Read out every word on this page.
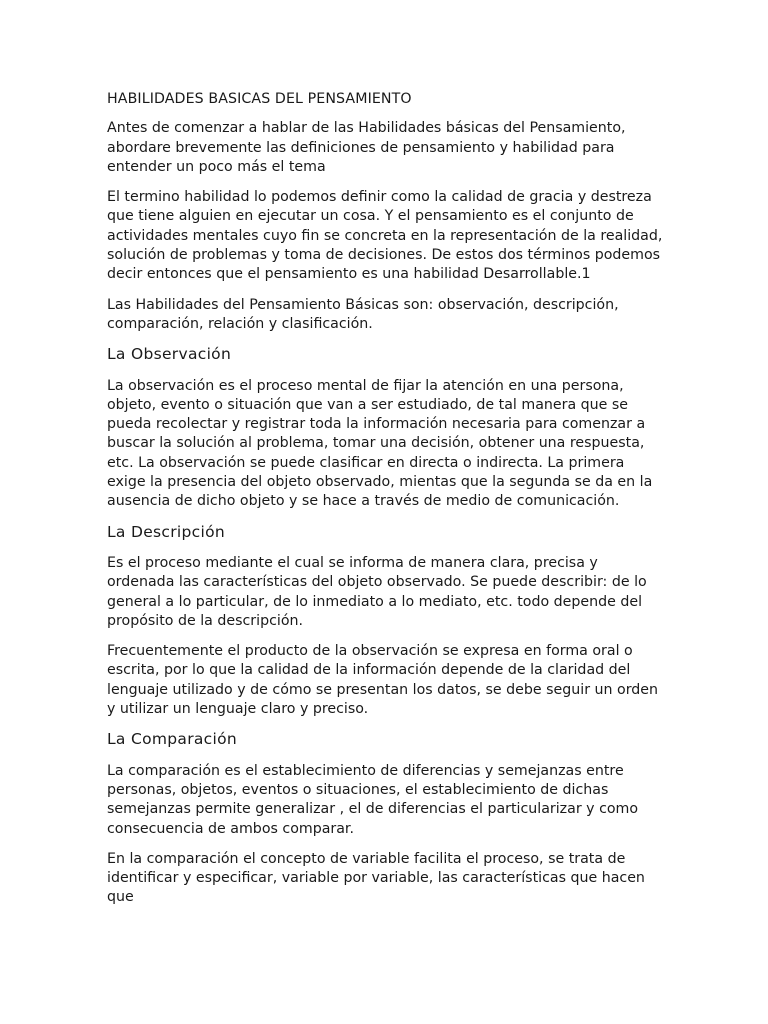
HABILIDADES BASICAS DEL PENSAMIENTO

Antes de comenzar a hablar de las Habilidades básicas del Pensamiento, abordare brevemente las definiciones de pensamiento y habilidad para entender un poco más el tema

El termino habilidad lo podemos definir como la calidad de gracia y destreza que tiene alguien en ejecutar un cosa. Y el pensamiento es el conjunto de actividades mentales cuyo fin se concreta en la representación de la realidad, solución de problemas y toma de decisiones. De estos dos términos podemos decir entonces que el pensamiento es una habilidad Desarrollable.1

Las Habilidades del Pensamiento Básicas son: observación, descripción, comparación, relación y clasificación.

La Observación

La observación es el proceso mental de fijar la atención en una persona, objeto, evento o situación que van a ser estudiado, de tal manera que se pueda recolectar y registrar toda la información necesaria para comenzar a buscar la solución al problema, tomar una decisión, obtener una respuesta, etc. La observación se puede clasificar en directa o indirecta. La primera exige la presencia del objeto observado, mientas que la segunda se da en la ausencia de dicho objeto y se hace a través de medio de comunicación.

La Descripción

Es el proceso mediante el cual se informa de manera clara, precisa y ordenada las características del objeto observado. Se puede describir: de lo general a lo particular, de lo inmediato a lo mediato, etc. todo depende del propósito de la descripción.

Frecuentemente el producto de la observación se expresa en forma oral o escrita, por lo que la calidad de la información depende de la claridad del lenguaje utilizado y de cómo se presentan los datos, se debe seguir un orden y utilizar un lenguaje claro y preciso.

La Comparación

La comparación es el establecimiento de diferencias y semejanzas entre personas, objetos, eventos o situaciones, el establecimiento de dichas semejanzas permite generalizar , el de diferencias el particularizar y como consecuencia de ambos comparar.

En la comparación el concepto de variable facilita el proceso, se trata de identificar y especificar, variable por variable, las características que hacen que
